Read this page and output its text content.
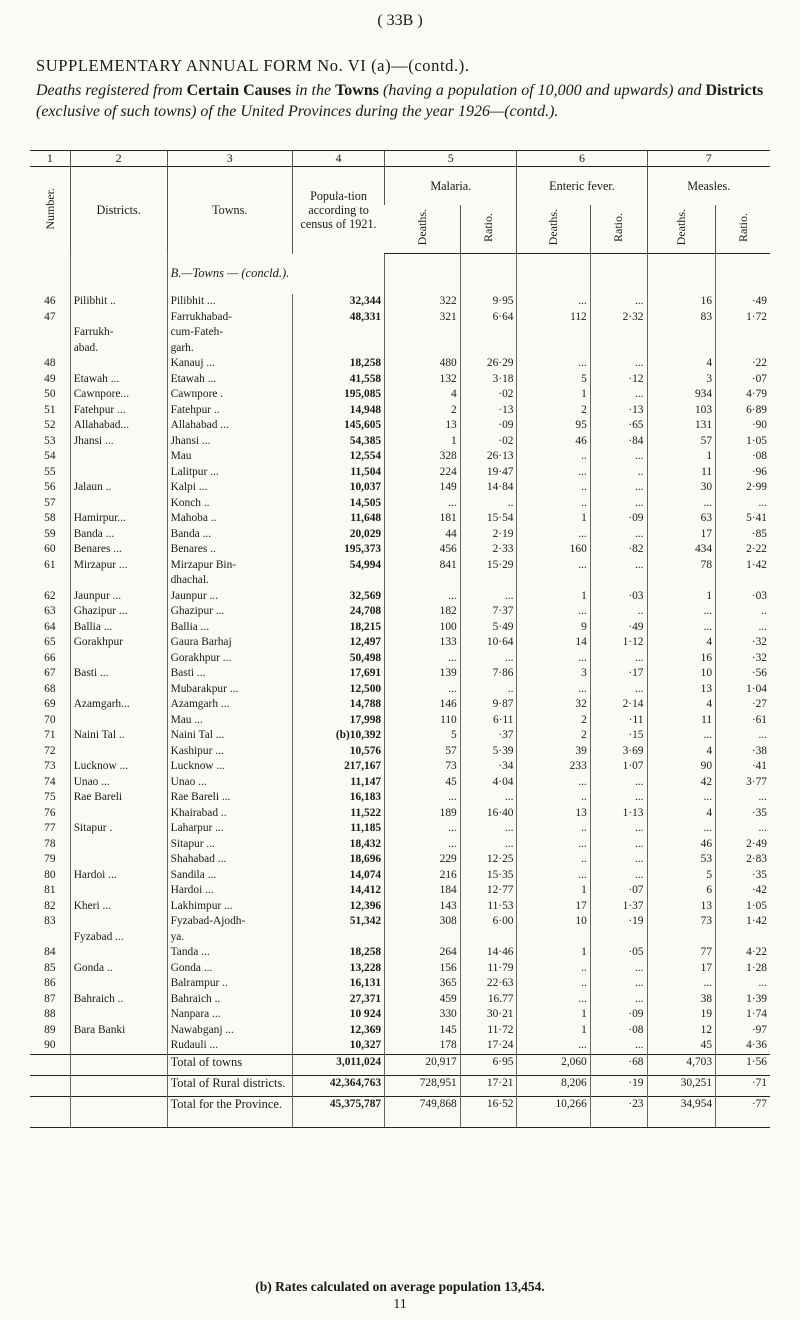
( 33B )
SUPPLEMENTARY ANNUAL FORM No. VI (a)—(contd.).
Deaths registered from Certain Causes in the Towns (having a population of 10,000 and upwards) and Districts (exclusive of such towns) of the United Provinces during the year 1926—(contd.).
1	2	3	4	5		6		7	
Number.	Districts.	Towns.	Popula-tion according to census of 1921.	Malaria.		Enteric fever.		Measles.	
				Deaths.	Ratio.	Deaths.	Ratio.	Deaths.	Ratio.
		B.—Towns — (concld.).							
46	Pilibhit ..	Pilibhit ...	32,344	322	9·95	...	...	16	·49
47		Farrukhabad-	48,331	321	6·64	112	2·32	83	1·72
	Farrukh-	cum-Fateh-							
	abad.	garh.							
48		Kanauj ...	18,258	480	26·29	...	...	4	·22
49	Etawah ...	Etawah ...	41,558	132	3·18	5	·12	3	·07
50	Cawnpore...	Cawnpore .	195,085	4	·02	1	...	934	4·79
51	Fatehpur ...	Fatehpur ..	14,948	2	·13	2	·13	103	6·89
52	Allahabad...	Allahabad ...	145,605	13	·09	95	·65	131	·90
53	Jhansi ...	Jhansi ...	54,385	1	·02	46	·84	57	1·05
54		Mau	12,554	328	26·13	..	...	1	·08
55		Lalitpur ...	11,504	224	19·47	...	..	11	·96
56	Jalaun ..	Kalpi ...	10,037	149	14·84	..	...	30	2·99
57		Konch ..	14,505	...	..	..	...	...	...
58	Hamirpur...	Mahoba ..	11,648	181	15·54	1	·09	63	5·41
59	Banda ...	Banda ...	20,029	44	2·19	...	...	17	·85
60	Benares ...	Benares ..	195,373	456	2·33	160	·82	434	2·22
61	Mirzapur ...	Mirzapur Bin-	54,994	841	15·29	...	...	78	1·42
		dhachal.							
62	Jaunpur ...	Jaunpur ...	32,569	...	...	1	·03	1	·03
63	Ghazipur ...	Ghazipur ...	24,708	182	7·37	...	..	...	..
64	Ballia ...	Ballia ...	18,215	100	5·49	9	·49	...	...
65	Gorakhpur	Gaura Barhaj	12,497	133	10·64	14	1·12	4	·32
66		Gorakhpur ...	50,498	...	...	...	...	16	·32
67	Basti ...	Basti ...	17,691	139	7·86	3	·17	10	·56
68		Mubarakpur ...	12,500	...	..	...	...	13	1·04
69	Azamgarh...	Azamgarh ...	14,788	146	9·87	32	2·14	4	·27
70		Mau ...	17,998	110	6·11	2	·11	11	·61
71	Naini Tal ..	Naini Tal ...	(b)10,392	5	·37	2	·15	...	...
72		Kashipur ...	10,576	57	5·39	39	3·69	4	·38
73	Lucknow ...	Lucknow ...	217,167	73	·34	233	1·07	90	·41
74	Unao ...	Unao ...	11,147	45	4·04	...	...	42	3·77
75	Rae Bareli	Rae Bareli ...	16,183	...	...	..	...	...	...
76		Khairabad ..	11,522	189	16·40	13	1·13	4	·35
77	Sitapur .	Laharpur ...	11,185	...	...	..	...	...	...
78		Sitapur ...	18,432	...	...	...	...	46	2·49
79		Shahabad ...	18,696	229	12·25	..	...	53	2·83
80	Hardoi ...	Sandila ...	14,074	216	15·35	...	...	5	·35
81		Hardoi ...	14,412	184	12·77	1	·07	6	·42
82	Kheri ...	Lakhimpur ...	12,396	143	11·53	17	1·37	13	1·05
83		Fyzabad-Ajodh-	51,342	308	6·00	10	·19	73	1·42
	Fyzabad ...	ya.							
84		Tanda ...	18,258	264	14·46	1	·05	77	4·22
85	Gonda ..	Gonda ...	13,228	156	11·79	..	...	17	1·28
86		Balrampur ..	16,131	365	22·63	..	...	...	...
87	Bahraich ..	Bahraich ..	27,371	459	16.77	...	...	38	1·39
88		Nanpara ...	10 924	330	30·21	1	·09	19	1·74
89	Bara Banki	Nawabganj ...	12,369	145	11·72	1	·08	12	·97
90		Rudauli ...	10,327	178	17·24	...	...	45	4·36
		Total of towns	3,011,024	20,917	6·95	2,060	·68	4,703	1·56
		Total of Rural districts.	42,364,763	728,951	17·21	8,206	·19	30,251	·71
		Total for the Province.	45,375,787	749,868	16·52	10,266	·23	34,954	·77
(b) Rates calculated on average population 13,454.
11
